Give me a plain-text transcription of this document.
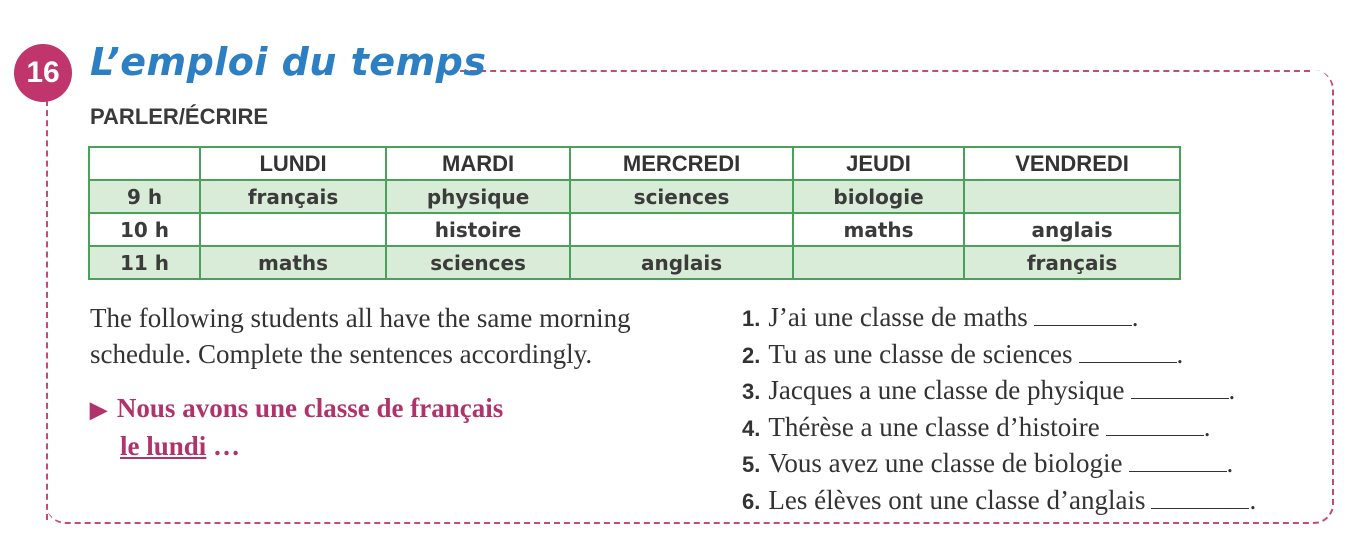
16 L’emploi du temps
PARLER/ÉCRIRE
	LUNDI	MARDI	MERCREDI	JEUDI	VENDREDI
9 h	français	physique	sciences	biologie	
10 h		histoire		maths	anglais
11 h	maths	sciences	anglais		français
The following students all have the same morning
schedule. Complete the sentences accordingly.
▶ Nous avons une classe de français
le lundi …
1. J’ai une classe de maths	.
2. Tu as une classe de sciences	.
3. Jacques a une classe de physique	.
4. Thérèse a une classe d’histoire	.
5. Vous avez une classe de biologie	.
6. Les élèves ont une classe d’anglais	.
